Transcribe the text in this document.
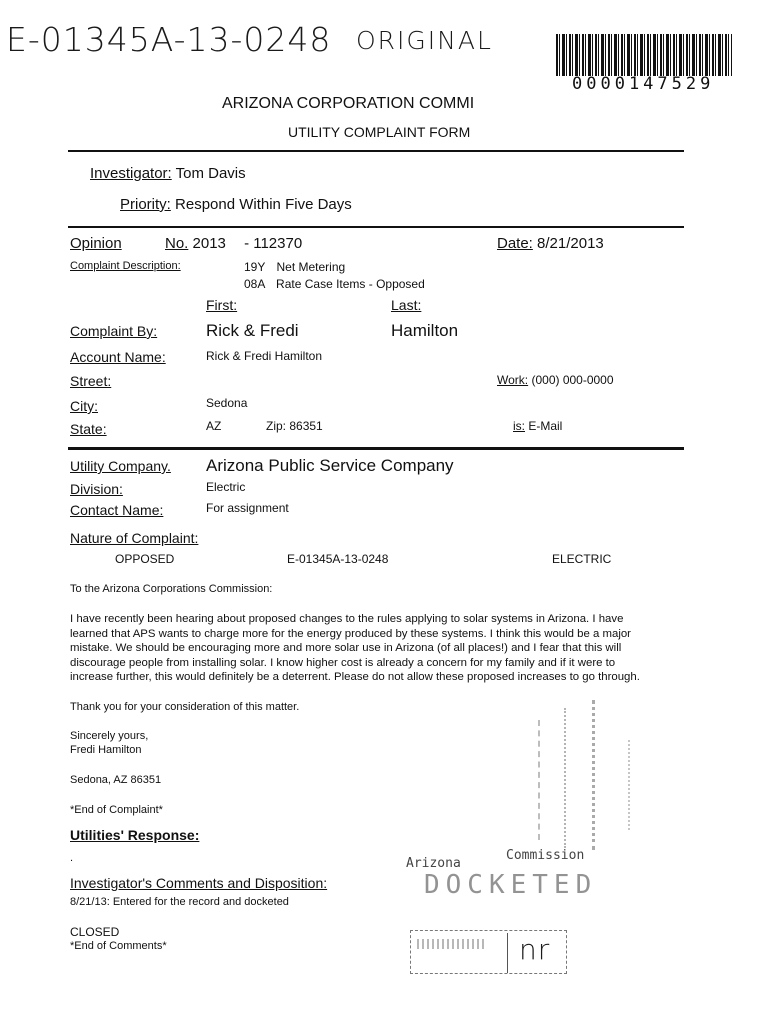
E-01345A-13-0248 ORIGINAL
0000147529
ARIZONA CORPORATION COMMI
UTILITY COMPLAINT FORM
Investigator: Tom Davis
Priority: Respond Within Five Days
Opinion	No. 2013 - 112370	Date: 8/21/2013
Complaint Description:	19Y Net Metering
08A Rate Case Items - Opposed
First:	Last:
Complaint By:	Rick & Fredi	Hamilton
Account Name:	Rick & Fredi Hamilton
Street:	Work: (000) 000-0000
City:	Sedona
State:	AZ	Zip: 86351	is: E-Mail
Utility Company. Arizona Public Service Company
Division:	Electric
Contact Name:	For assignment
Nature of Complaint:
OPPOSED	E-01345A-13-0248	ELECTRIC
To the Arizona Corporations Commission:
I have recently been hearing about proposed changes to the rules applying to solar systems in Arizona. I have
learned that APS wants to charge more for the energy produced by these systems. I think this would be a major
mistake. We should be encouraging more and more solar use in Arizona (of all places!) and I fear that this will
discourage people from installing solar. I know higher cost is already a concern for my family and if it were to
increase further, this would definitely be a deterrent. Please do not allow these proposed increases to go through.
Thank you for your consideration of this matter.
Sincerely yours,
Fredi Hamilton
Sedona, AZ 86351
*End of Complaint*
Utilities' Response:
.
Investigator's Comments and Disposition:
8/21/13: Entered for the record and docketed
CLOSED
*End of Comments*
Arizona
Commission
DOCKETED
nr
